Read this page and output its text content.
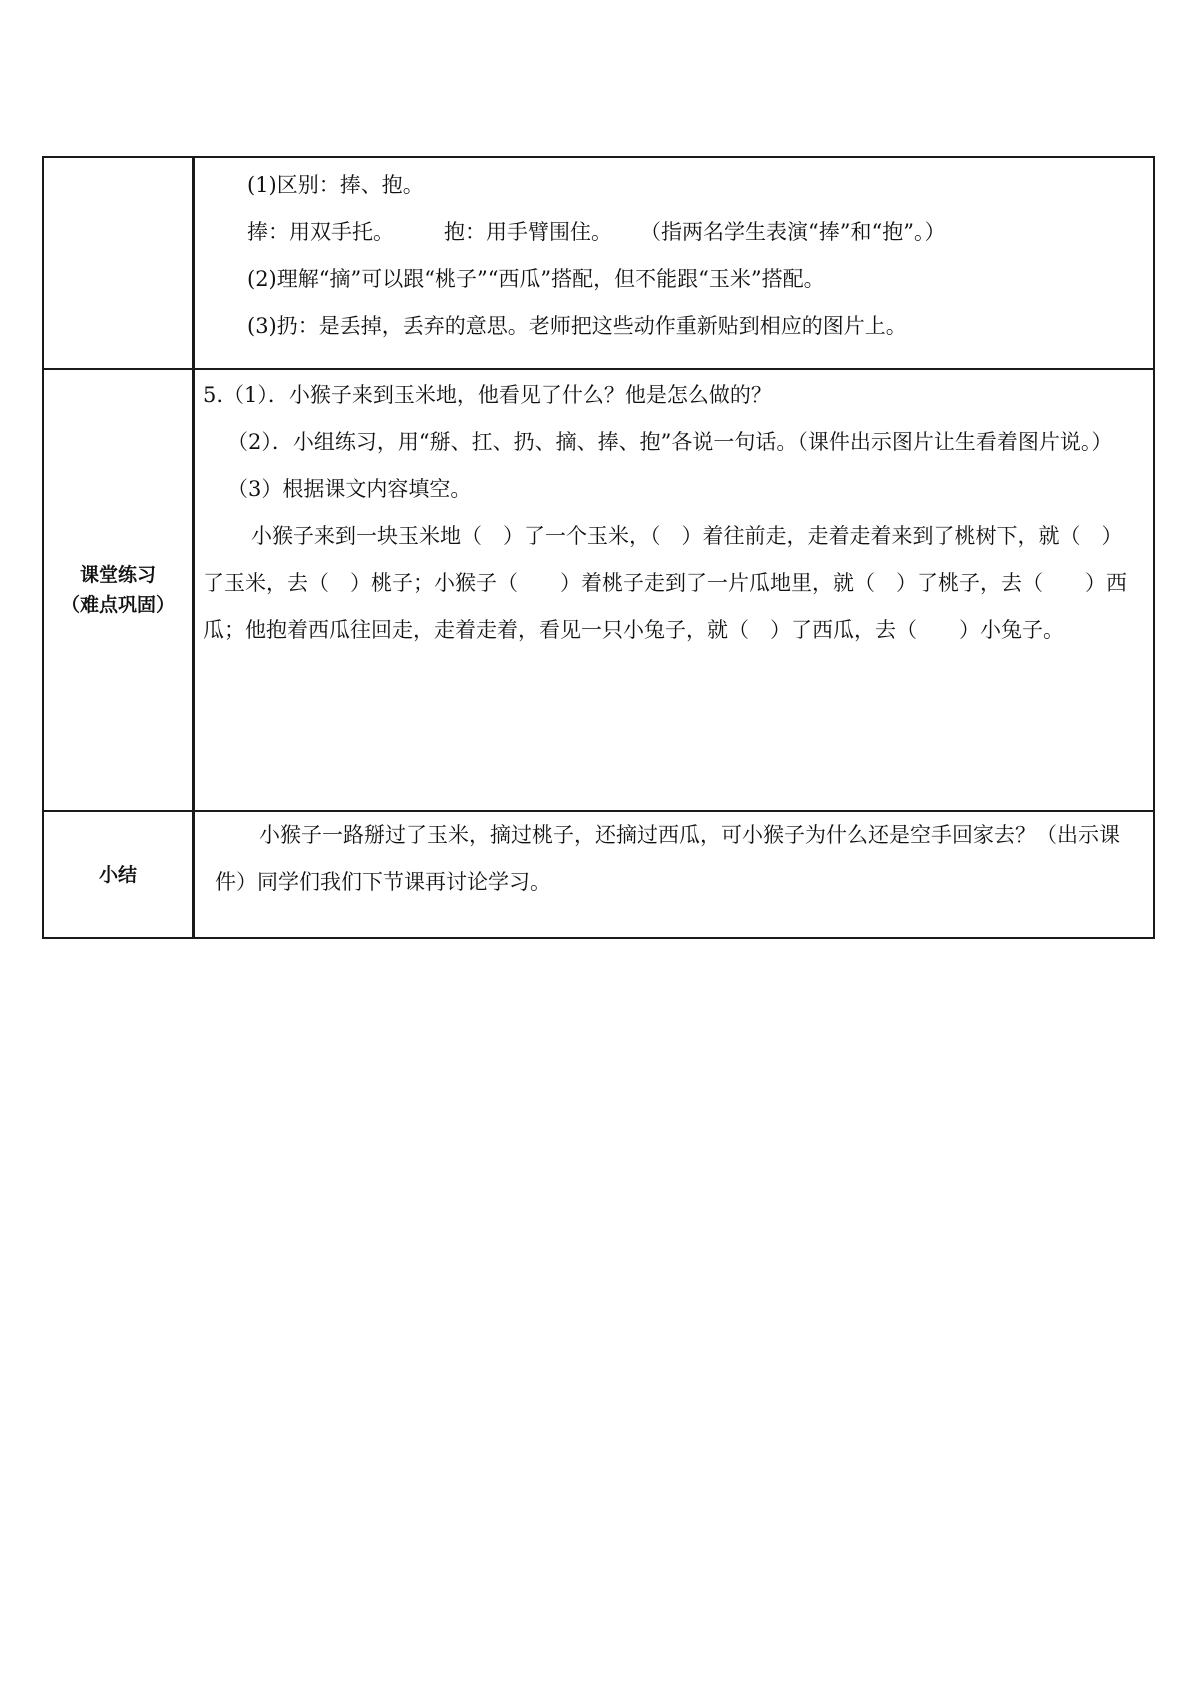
	(1)区别：捧、抱。
捧：用双手托。 抱：用手臂围住。 （指两名学生表演“捧”和“抱”。）
(2)理解“摘”可以跟“桃子”“西瓜”搭配，但不能跟“玉米”搭配。
(3)扔：是丢掉，丢弃的意思。老师把这些动作重新贴到相应的图片上。

课堂练习
（难点巩固）	5.（1）．小猴子来到玉米地，他看见了什么？他是怎么做的？
（2）．小组练习，用“掰、扛、扔、摘、捧、抱”各说一句话。（课件出示图片让生看着图片说。）
（3）根据课文内容填空。
小猴子来到一块玉米地（　）了一个玉米，（　）着往前走，走着走着来到了桃树下，就（　）了玉米，去（　）桃子；小猴子（　　）着桃子走到了一片瓜地里，就（　）了桃子，去（　　）西瓜；他抱着西瓜往回走，走着走着，看见一只小兔子，就（　）了西瓜，去（　　）小兔子。

小结	小猴子一路掰过了玉米，摘过桃子，还摘过西瓜，可小猴子为什么还是空手回家去？（出示课件）同学们我们下节课再讨论学习。
